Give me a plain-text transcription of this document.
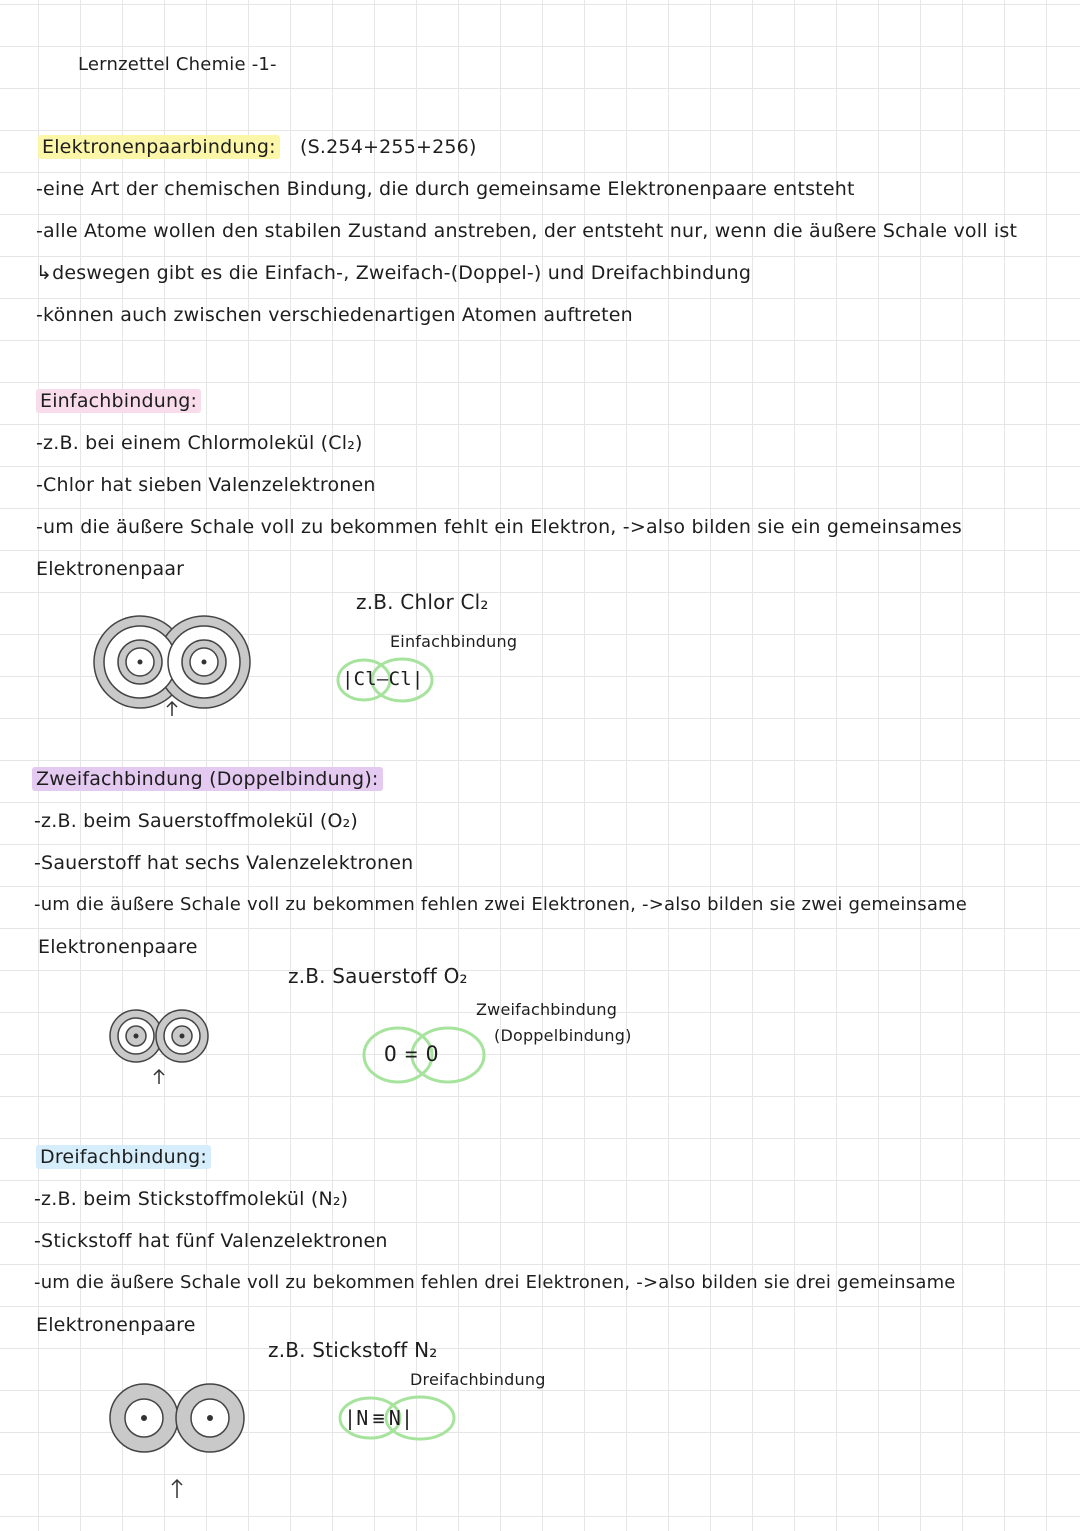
Lernzettel Chemie -1-
Elektronenpaarbindung: (S.254+255+256)
-eine Art der chemischen Bindung, die durch gemeinsame Elektronenpaare entsteht
-alle Atome wollen den stabilen Zustand anstreben, der entsteht nur, wenn die äußere Schale voll ist
↳deswegen gibt es die Einfach-, Zweifach-(Doppel-) und Dreifachbindung
-können auch zwischen verschiedenartigen Atomen auftreten
Einfachbindung:
-z.B. bei einem Chlormolekül (Cl₂)
-Chlor hat sieben Valenzelektronen
-um die äußere Schale voll zu bekommen fehlt ein Elektron, ->also bilden sie ein gemeinsames
Elektronenpaar
z.B. Chlor Cl₂
Einfachbindung
|Cl—Cl|
Zweifachbindung (Doppelbindung):
-z.B. beim Sauerstoffmolekül (O₂)
-Sauerstoff hat sechs Valenzelektronen
-um die äußere Schale voll zu bekommen fehlen zwei Elektronen, ->also bilden sie zwei gemeinsame
Elektronenpaare
z.B. Sauerstoff O₂
Zweifachbindung
(Doppelbindung)
O = O
Dreifachbindung:
-z.B. beim Stickstoffmolekül (N₂)
-Stickstoff hat fünf Valenzelektronen
-um die äußere Schale voll zu bekommen fehlen drei Elektronen, ->also bilden sie drei gemeinsame
Elektronenpaare
z.B. Stickstoff N₂
Dreifachbindung
|N ≡ N|
